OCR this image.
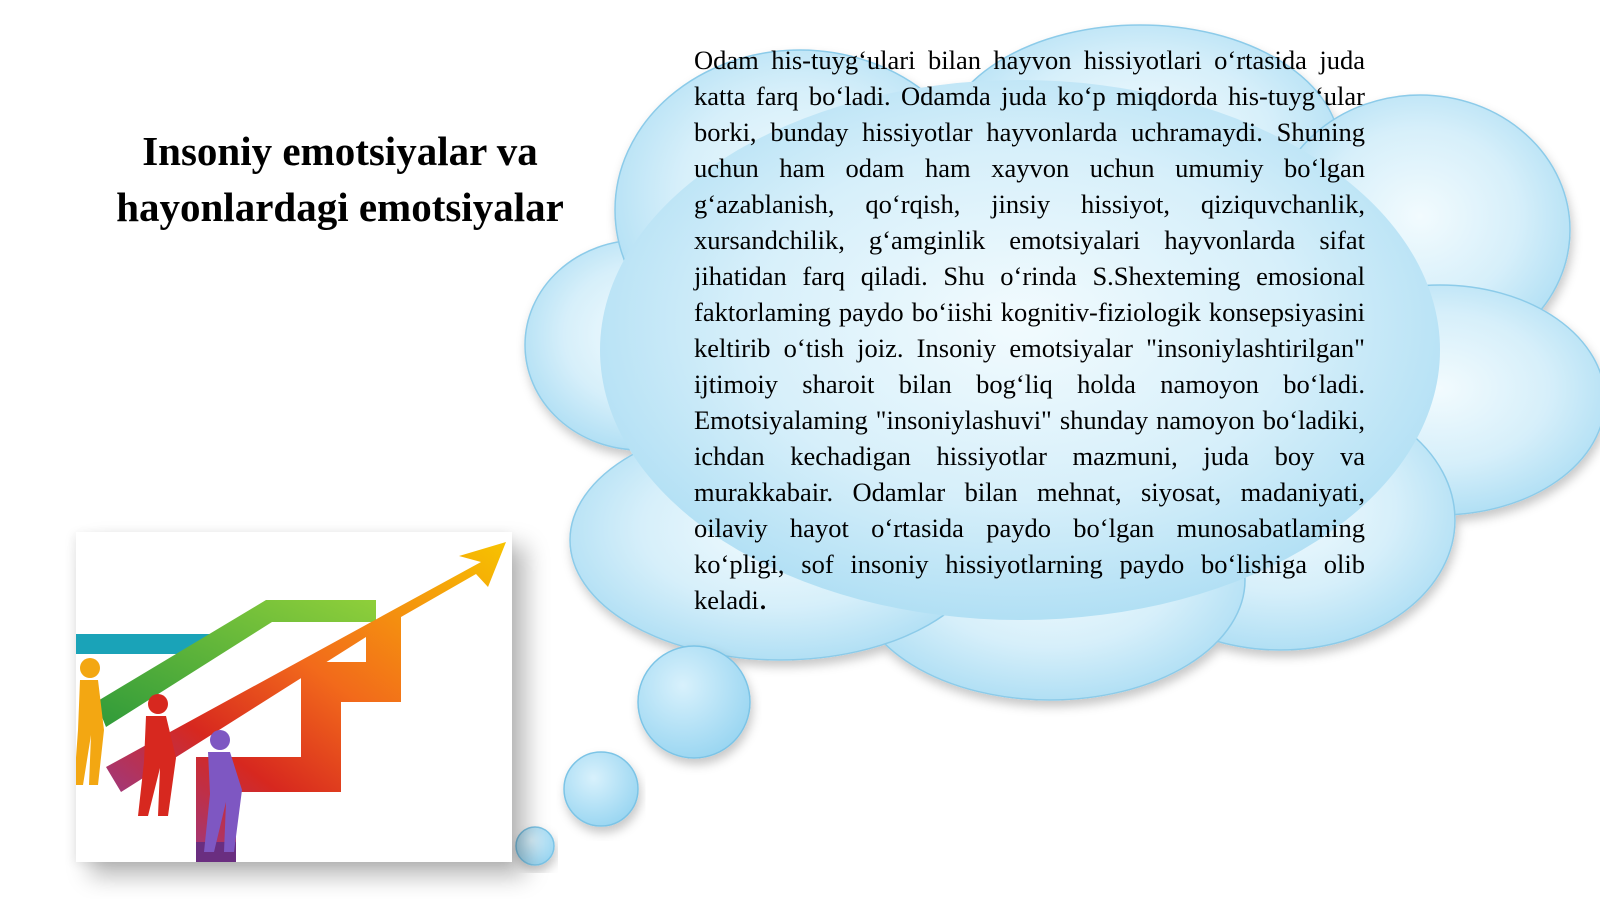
Insoniy emotsiyalar va hayonlardagi emotsiyalar

Odam his-tuyg‘ulari bilan hayvon hissiyotlari o‘rtasida juda katta farq bo‘ladi. Odamda juda ko‘p miqdorda his-tuyg‘ular borki, bunday hissiyotlar hayvonlarda uchramaydi. Shuning uchun ham odam ham xayvon uchun umumiy bo‘lgan g‘azablanish, qo‘rqish, jinsiy hissiyot, qiziquvchanlik, xursandchilik, g‘amginlik emotsiyalari hayvonlarda sifat jihatidan farq qiladi. Shu o‘rinda S.Shexteming emosional faktorlaming paydo bo‘iishi kognitiv-fiziologik konsepsiyasini keltirib o‘tish joiz. Insoniy emotsiyalar "insoniylashtirilgan" ijtimoiy sharoit bilan bog‘liq holda namoyon bo‘ladi. Emotsiyalaming "insoniylashuvi" shunday namoyon bo‘ladiki, ichdan kechadigan hissiyotlar mazmuni, juda boy va murakkabair. Odamlar bilan mehnat, siyosat, madaniyati, oilaviy hayot o‘rtasida paydo bo‘lgan munosabatlaming ko‘pligi, sof insoniy hissiyotlarning paydo bo‘lishiga olib keladi.
